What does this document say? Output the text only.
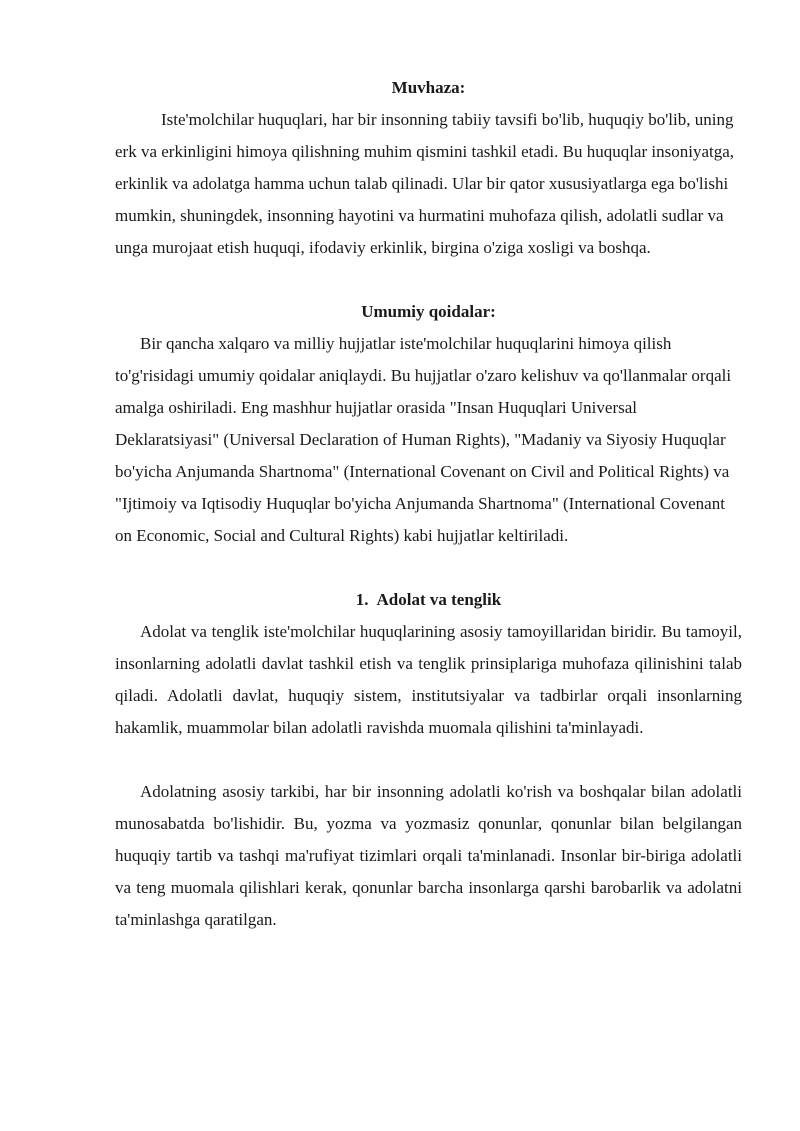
Muvhaza:

Iste'molchilar huquqlari, har bir insonning tabiiy tavsifi bo'lib, huquqiy bo'lib, uning erk va erkinligini himoya qilishning muhim qismini tashkil etadi. Bu huquqlar insoniyatga, erkinlik va adolatga hamma uchun talab qilinadi. Ular bir qator xususiyatlarga ega bo'lishi mumkin, shuningdek, insonning hayotini va hurmatini muhofaza qilish, adolatli sudlar va unga murojaat etish huquqi, ifodaviy erkinlik, birgina o'ziga xosligi va boshqa.

Umumiy qoidalar:

Bir qancha xalqaro va milliy hujjatlar iste'molchilar huquqlarini himoya qilish to'g'risidagi umumiy qoidalar aniqlaydi. Bu hujjatlar o'zaro kelishuv va qo'llanmalar orqali amalga oshiriladi. Eng mashhur hujjatlar orasida "Insan Huquqlari Universal Deklaratsiyasi" (Universal Declaration of Human Rights), "Madaniy va Siyosiy Huquqlar bo'yicha Anjumanda Shartnoma" (International Covenant on Civil and Political Rights) va "Ijtimoiy va Iqtisodiy Huquqlar bo'yicha Anjumanda Shartnoma" (International Covenant on Economic, Social and Cultural Rights) kabi hujjatlar keltiriladi.

1. Adolat va tenglik

Adolat va tenglik iste'molchilar huquqlarining asosiy tamoyillaridan biridir. Bu tamoyil, insonlarning adolatli davlat tashkil etish va tenglik prinsiplariga muhofaza qilinishini talab qiladi. Adolatli davlat, huquqiy sistem, institutsiyalar va tadbirlar orqali insonlarning hakamlik, muammolar bilan adolatli ravishda muomala qilishini ta'minlayadi.

Adolatning asosiy tarkibi, har bir insonning adolatli ko'rish va boshqalar bilan adolatli munosabatda bo'lishidir. Bu, yozma va yozmasiz qonunlar, qonunlar bilan belgilangan huquqiy tartib va tashqi ma'rufiyat tizimlari orqali ta'minlanadi. Insonlar bir-biriga adolatli va teng muomala qilishlari kerak, qonunlar barcha insonlarga qarshi barobarlik va adolatni ta'minlashga qaratilgan.
